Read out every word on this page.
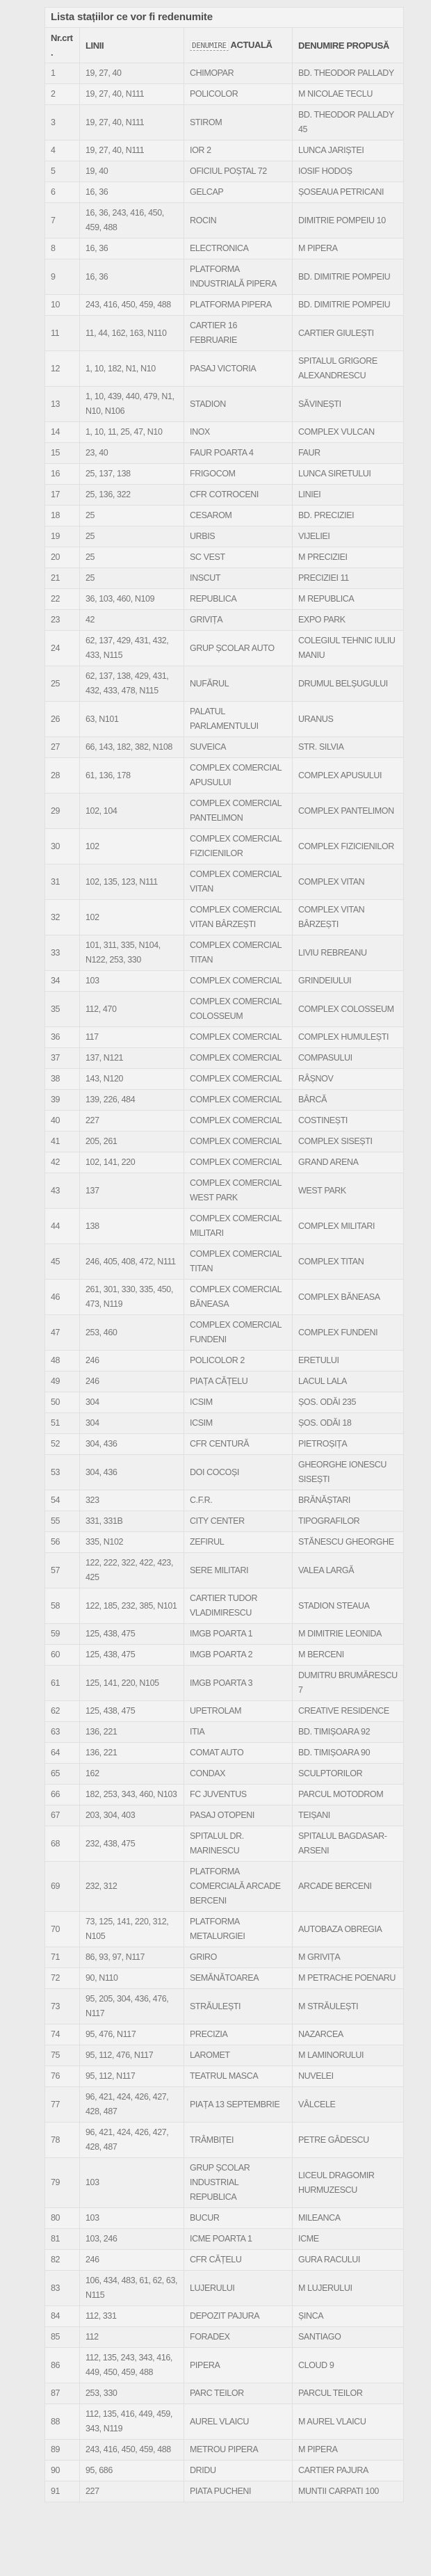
Lista stațiilor ce vor fi redenumite			
Nr.crt.	LINII	DENUMIRE ACTUALĂ	DENUMIRE PROPUSĂ
1	19, 27, 40	CHIMOPAR	BD. THEODOR PALLADY
2	19, 27, 40, N111	POLICOLOR	M NICOLAE TECLU
3	19, 27, 40, N111	STIROM	BD. THEODOR PALLADY 45
4	19, 27, 40, N111	IOR 2	LUNCA JARIȘTEI
5	19, 40	OFICIUL POȘTAL 72	IOSIF HODOȘ
6	16, 36	GELCAP	ȘOSEAUA PETRICANI
7	16, 36, 243, 416, 450, 459, 488	ROCIN	DIMITRIE POMPEIU 10
8	16, 36	ELECTRONICA	M PIPERA
9	16, 36	PLATFORMA INDUSTRIALĂ PIPERA	BD. DIMITRIE POMPEIU
10	243, 416, 450, 459, 488	PLATFORMA PIPERA	BD. DIMITRIE POMPEIU
11	11, 44, 162, 163, N110	CARTIER 16 FEBRUARIE	CARTIER GIULEȘTI
12	1, 10, 182, N1, N10	PASAJ VICTORIA	SPITALUL GRIGORE ALEXANDRESCU
13	1, 10, 439, 440, 479, N1, N10, N106	STADION	SĂVINEȘTI
14	1, 10, 11, 25, 47, N10	INOX	COMPLEX VULCAN
15	23, 40	FAUR POARTA 4	FAUR
16	25, 137, 138	FRIGOCOM	LUNCA SIRETULUI
17	25, 136, 322	CFR COTROCENI	LINIEI
18	25	CESAROM	BD. PRECIZIEI
19	25	URBIS	VIJELIEI
20	25	SC VEST	M PRECIZIEI
21	25	INSCUT	PRECIZIEI 11
22	36, 103, 460, N109	REPUBLICA	M REPUBLICA
23	42	GRIVIȚA	EXPO PARK
24	62, 137, 429, 431, 432, 433, N115	GRUP ȘCOLAR AUTO	COLEGIUL TEHNIC IULIU MANIU
25	62, 137, 138, 429, 431, 432, 433, 478, N115	NUFĂRUL	DRUMUL BELȘUGULUI
26	63, N101	PALATUL PARLAMENTULUI	URANUS
27	66, 143, 182, 382, N108	SUVEICA	STR. SILVIA
28	61, 136, 178	COMPLEX COMERCIAL APUSULUI	COMPLEX APUSULUI
29	102, 104	COMPLEX COMERCIAL PANTELIMON	COMPLEX PANTELIMON
30	102	COMPLEX COMERCIAL FIZICIENILOR	COMPLEX FIZICIENILOR
31	102, 135, 123, N111	COMPLEX COMERCIAL VITAN	COMPLEX VITAN
32	102	COMPLEX COMERCIAL VITAN BÂRZEȘTI	COMPLEX VITAN BÂRZEȘTI
33	101, 311, 335, N104, N122, 253, 330	COMPLEX COMERCIAL TITAN	LIVIU REBREANU
34	103	COMPLEX COMERCIAL	GRINDEIULUI
35	112, 470	COMPLEX COMERCIAL COLOSSEUM	COMPLEX COLOSSEUM
36	117	COMPLEX COMERCIAL	COMPLEX HUMULEȘTI
37	137, N121	COMPLEX COMERCIAL	COMPASULUI
38	143, N120	COMPLEX COMERCIAL	RÂȘNOV
39	139, 226, 484	COMPLEX COMERCIAL	BÂRCĂ
40	227	COMPLEX COMERCIAL	COSTINEȘTI
41	205, 261	COMPLEX COMERCIAL	COMPLEX SISEȘTI
42	102, 141, 220	COMPLEX COMERCIAL	GRAND ARENA
43	137	COMPLEX COMERCIAL WEST PARK	WEST PARK
44	138	COMPLEX COMERCIAL MILITARI	COMPLEX MILITARI
45	246, 405, 408, 472, N111	COMPLEX COMERCIAL TITAN	COMPLEX TITAN
46	261, 301, 330, 335, 450, 473, N119	COMPLEX COMERCIAL BĂNEASA	COMPLEX BĂNEASA
47	253, 460	COMPLEX COMERCIAL FUNDENI	COMPLEX FUNDENI
48	246	POLICOLOR 2	ERETULUI
49	246	PIAȚA CĂȚELU	LACUL LALA
50	304	ICSIM	ȘOS. ODĂI 235
51	304	ICSIM	ȘOS. ODĂI 18
52	304, 436	CFR CENTURĂ	PIETROȘIȚA
53	304, 436	DOI COCOȘI	GHEORGHE IONESCU SISEȘTI
54	323	C.F.R.	BRĂNĂȘTARI
55	331, 331B	CITY CENTER	TIPOGRAFILOR
56	335, N102	ZEFIRUL	STĂNESCU GHEORGHE
57	122, 222, 322, 422, 423, 425	SERE MILITARI	VALEA LARGĂ
58	122, 185, 232, 385, N101	CARTIER TUDOR VLADIMIRESCU	STADION STEAUA
59	125, 438, 475	IMGB POARTA 1	M DIMITRIE LEONIDA
60	125, 438, 475	IMGB POARTA 2	M BERCENI
61	125, 141, 220, N105	IMGB POARTA 3	DUMITRU BRUMĂRESCU 7
62	125, 438, 475	UPETROLAM	CREATIVE RESIDENCE
63	136, 221	ITIA	BD. TIMIȘOARA 92
64	136, 221	COMAT AUTO	BD. TIMIȘOARA 90
65	162	CONDAX	SCULPTORILOR
66	182, 253, 343, 460, N103	FC JUVENTUS	PARCUL MOTODROM
67	203, 304, 403	PASAJ OTOPENI	TEIȘANI
68	232, 438, 475	SPITALUL DR. MARINESCU	SPITALUL BAGDASAR-ARSENI
69	232, 312	PLATFORMA COMERCIALĂ ARCADE BERCENI	ARCADE BERCENI
70	73, 125, 141, 220, 312, N105	PLATFORMA METALURGIEI	AUTOBAZA OBREGIA
71	86, 93, 97, N117	GRIRO	M GRIVIȚA
72	90, N110	SEMĂNĂTOAREA	M PETRACHE POENARU
73	95, 205, 304, 436, 476, N117	STRĂULEȘTI	M STRĂULEȘTI
74	95, 476, N117	PRECIZIA	NAZARCEA
75	95, 112, 476, N117	LAROMET	M LAMINORULUI
76	95, 112, N117	TEATRUL MASCA	NUVELEI
77	96, 421, 424, 426, 427, 428, 487	PIAȚA 13 SEPTEMBRIE	VÂLCELE
78	96, 421, 424, 426, 427, 428, 487	TRÂMBIȚEI	PETRE GÂDESCU
79	103	GRUP ȘCOLAR INDUSTRIAL REPUBLICA	LICEUL DRAGOMIR HURMUZESCU
80	103	BUCUR	MILEANCA
81	103, 246	ICME POARTA 1	ICME
82	246	CFR CĂȚELU	GURA RACULUI
83	106, 434, 483, 61, 62, 63, N115	LUJERULUI	M LUJERULUI
84	112, 331	DEPOZIT PAJURA	ȘINCA
85	112	FORADEX	SANTIAGO
86	112, 135, 243, 343, 416, 449, 450, 459, 488	PIPERA	CLOUD 9
87	253, 330	PARC TEILOR	PARCUL TEILOR
88	112, 135, 416, 449, 459, 343, N119	AUREL VLAICU	M AUREL VLAICU
89	243, 416, 450, 459, 488	METROU PIPERA	M PIPERA
90	95, 686	DRIDU	CARTIER PAJURA
91	227	PIATA PUCHENI	MUNTII CARPATI 100
